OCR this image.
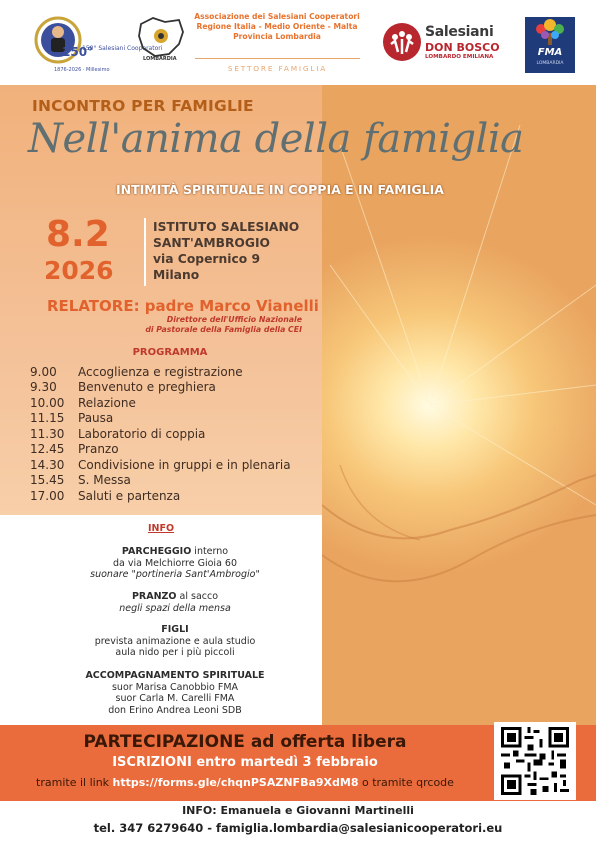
150°
150° Salesiani Cooperatori
1876-2026 · Millesimo
LOMBARDIA
Associazione dei Salesiani Cooperatori
Regione Italia - Medio Oriente - Malta
Provincia Lombardia
SETTORE FAMIGLIA
Salesiani
DON BOSCO
LOMBARDO EMILIANA	FMA
LOMBARDIA
INCONTRO PER FAMIGLIE
Nell'anima della famiglia
INTIMITÀ SPIRITUALE IN COPPIA E IN FAMIGLIA
8.2
2026
ISTITUTO SALESIANO
SANT'AMBROGIO
via Copernico 9
Milano
RELATORE: padre Marco Vianelli
Direttore dell'Ufficio Nazionale
di Pastorale della Famiglia della CEI
PROGRAMMA
9.00	Accoglienza e registrazione
9.30	Benvenuto e preghiera
10.00	Relazione
11.15	Pausa
11.30	Laboratorio di coppia
12.45	Pranzo
14.30	Condivisione in gruppi e in plenaria
15.45	S. Messa
17.00	Saluti e partenza
INFO
PARCHEGGIO interno
da via Melchiorre Gioia 60
suonare "portineria Sant'Ambrogio"
PRANZO al sacco
negli spazi della mensa
FIGLI
prevista animazione e aula studio
aula nido per i più piccoli
ACCOMPAGNAMENTO SPIRITUALE
suor Marisa Canobbio FMA
suor Carla M. Carelli FMA
don Erino Andrea Leoni SDB
PARTECIPAZIONE ad offerta libera
ISCRIZIONI entro martedì 3 febbraio
tramite il link https://forms.gle/chqnPSAZNFBa9XdM8 o tramite qrcode
INFO: Emanuela e Giovanni Martinelli
tel. 347 6279640 - famiglia.lombardia@salesianicooperatori.eu
